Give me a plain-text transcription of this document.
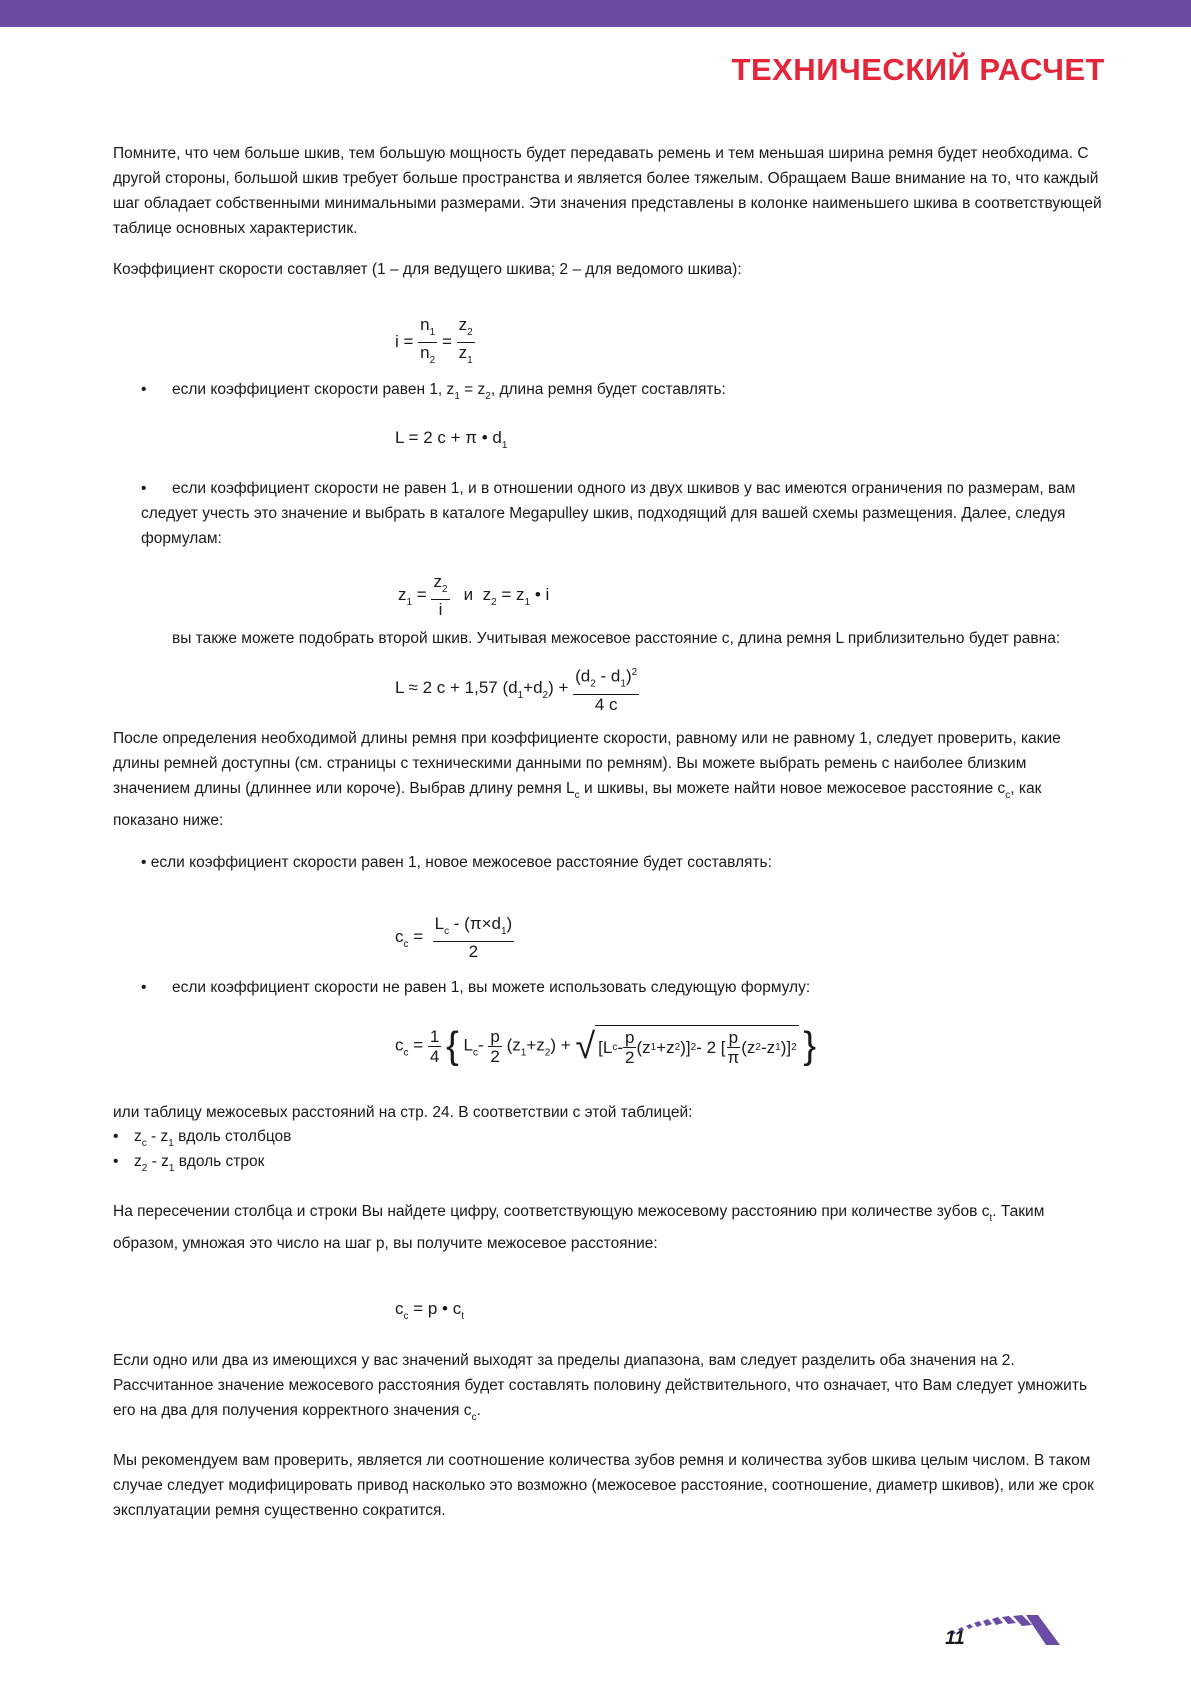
ТЕХНИЧЕСКИЙ РАСЧЕТ

Помните, что чем больше шкив, тем большую мощность будет передавать ремень и тем меньшая ширина ремня будет необходима. С другой стороны, большой шкив требует больше пространства и является более тяжелым. Обращаем Ваше внимание на то, что каждый шаг обладает собственными минимальными размерами. Эти значения представлены в колонке наименьшего шкива в соответствующей таблице основных характеристик.

Коэффициент скорости составляет (1 – для ведущего шкива; 2 – для ведомого шкива):

$i = \frac{n_1}{n_2} = \frac{z_2}{z_1}$
• если коэффициент скорости равен 1, $z_1 = z_2$, длина ремня будет составлять:

L = 2 c + π • $d_1$
•	если коэффициент скорости не равен 1, и в отношении одного из двух шкивов у вас имеются ограничения по размерам, вам следует учесть это значение и выбрать в каталоге Megapulley шкив, подходящий для вашей схемы размещения. Далее, следуя формулам:

$z_1 = \frac{z_2}{i}$ и $z_2 = z_1$ • i

вы также можете подобрать второй шкив. Учитывая межосевое расстояние с, длина ремня L приблизительно будет равна:

L ≈ 2 c + 1,57 $(d_1+d_2) + \frac{(d_2 - d_1)^2}{4 c}$

После определения необходимой длины ремня при коэффициенте скорости, равному или не равному 1, следует проверить, какие длины ремней доступны (см. страницы с техническими данными по ремням). Вы можете выбрать ремень с наиболее близким значением длины (длиннее или короче). Выбрав длину ремня $L_c$ и шкивы, вы можете найти новое межосевое расстояние $c_c$, как показано ниже:

• если коэффициент скорости равен 1, новое межосевое расстояние будет составлять:

$c_c = \frac{L_c - (\pi\times d_1)}{2}$
• если коэффициент скорости не равен 1, вы можете использовать следующую формулу:

$c_c = \frac{1}{4}$ { $L_c- \frac{p}{2} (z_1+z_2)$ + √ [ L c - $\frac{p}{2}$ ( z 1 + z 2 ) ] 2 - 2 [ $\frac{p}{\pi}$ ( z 2 - z 1 )] 2 }

или таблицу межосевых расстояний на стр. 24. В соответствии с этой таблицей:

• $z_c - z_1$ вдоль столбцов

• $z_2 - z_1$ вдоль строк

На пересечении столбца и строки Вы найдете цифру, соответствующую межосевому расстоянию при количестве зубов $c_t$. Таким образом, умножая это число на шаг p, вы получите межосевое расстояние:

$c_c = p$ • $c_t$

Если одно или два из имеющихся у вас значений выходят за пределы диапазона, вам следует разделить оба значения на 2. Рассчитанное значение межосевого расстояния будет составлять половину действительного, что означает, что Вам следует умножить его на два для получения корректного значения $c_c$.

Мы рекомендуем вам проверить, является ли соотношение количества зубов ремня и количества зубов шкива целым числом. В таком случае следует модифицировать привод насколько это возможно (межосевое расстояние, соотношение, диаметр шкивов), или же срок эксплуатации ремня существенно сократится.

11
